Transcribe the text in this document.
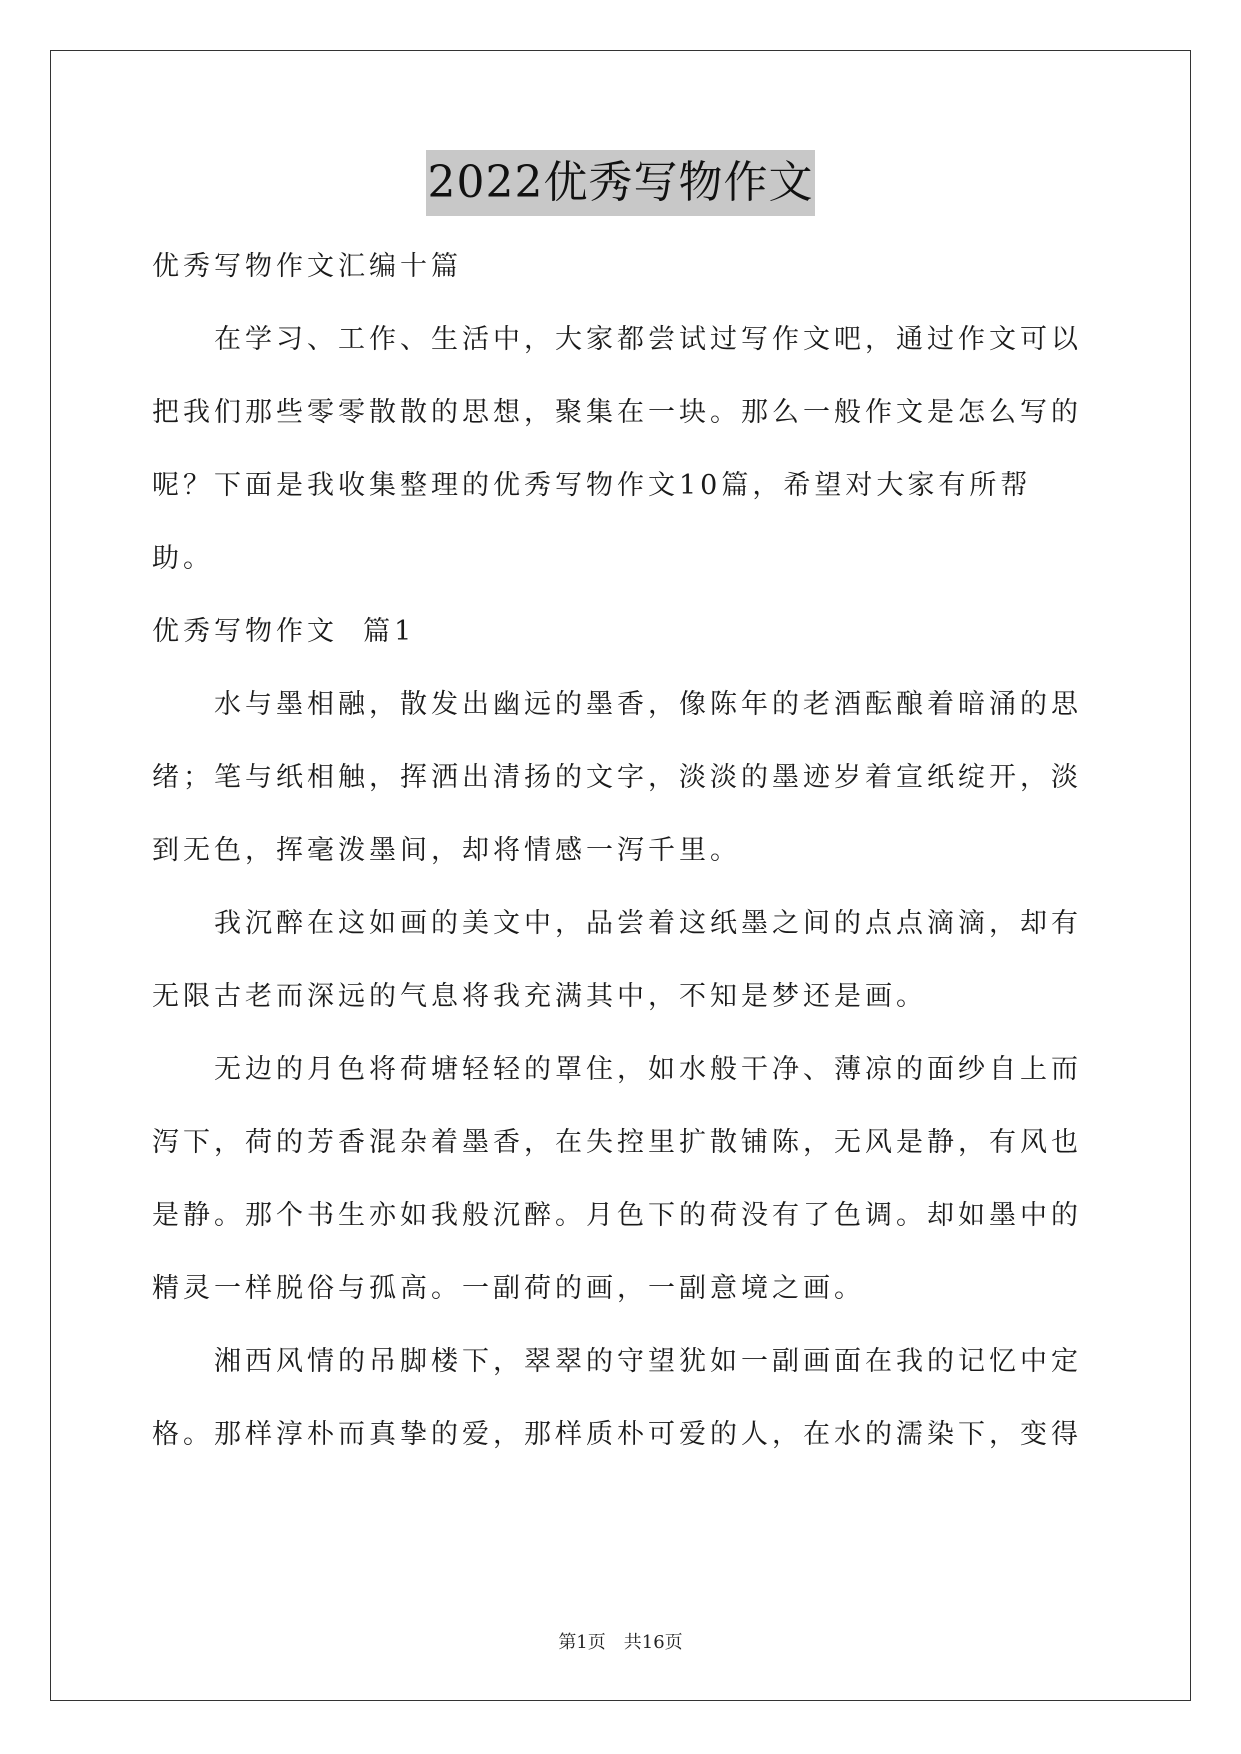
2022优秀写物作文

优秀写物作文汇编十篇

在学习、工作、生活中，大家都尝试过写作文吧，通过作文可以把我们那些零零散散的思想，聚集在一块。那么一般作文是怎么写的呢？下面是我收集整理的优秀写物作文10篇，希望对大家有所帮助。

优秀写物作文  篇1

水与墨相融，散发出幽远的墨香，像陈年的老酒酝酿着暗涌的思绪；笔与纸相触，挥洒出清扬的文字，淡淡的墨迹岁着宣纸绽开，淡到无色，挥毫泼墨间，却将情感一泻千里。

我沉醉在这如画的美文中，品尝着这纸墨之间的点点滴滴，却有无限古老而深远的气息将我充满其中，不知是梦还是画。

无边的月色将荷塘轻轻的罩住，如水般干净、薄凉的面纱自上而泻下，荷的芳香混杂着墨香，在失控里扩散铺陈，无风是静，有风也是静。那个书生亦如我般沉醉。月色下的荷没有了色调。却如墨中的精灵一样脱俗与孤高。一副荷的画，一副意境之画。

湘西风情的吊脚楼下，翠翠的守望犹如一副画面在我的记忆中定格。那样淳朴而真挚的爱，那样质朴可爱的人，在水的濡染下，变得

第1页 共16页
